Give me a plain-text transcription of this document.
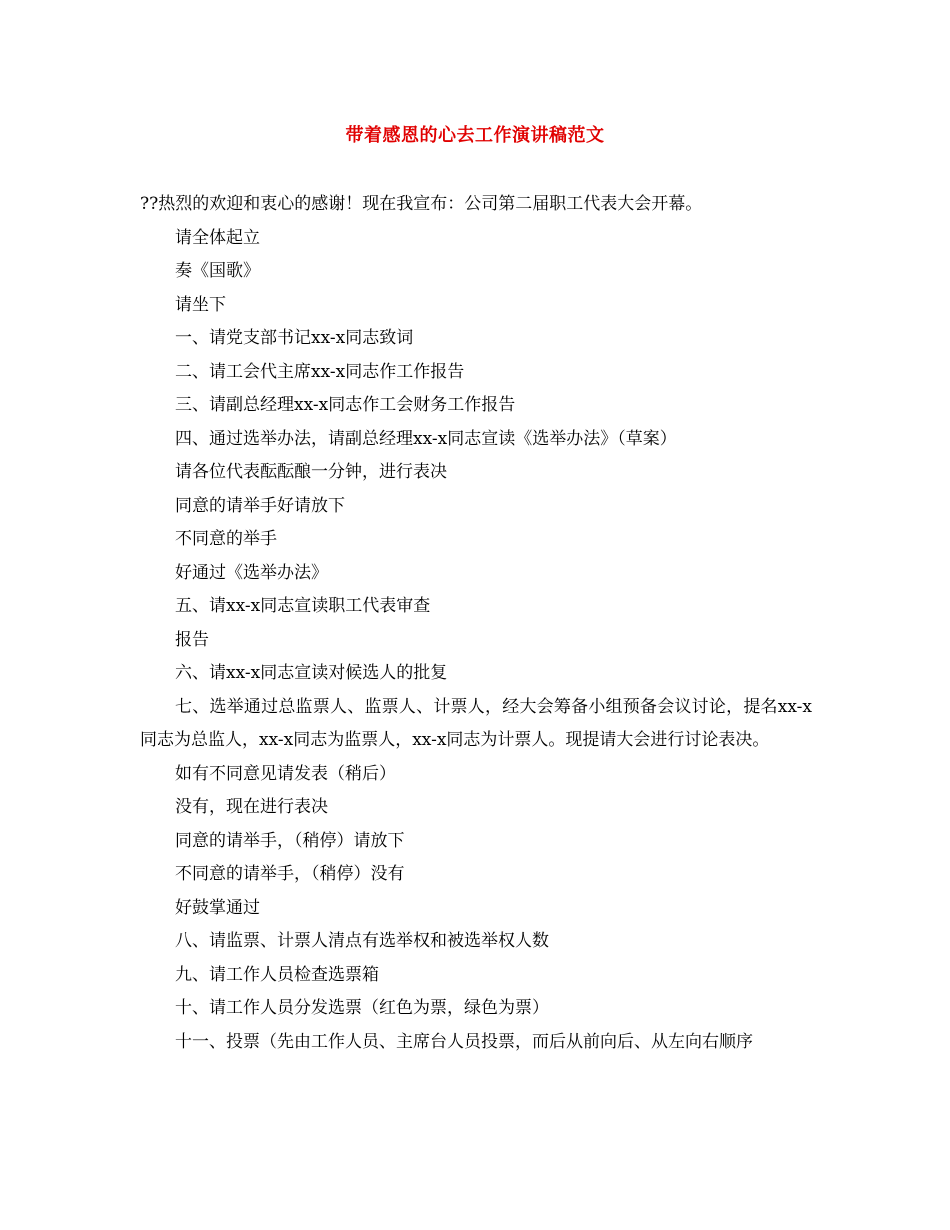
带着感恩的心去工作演讲稿范文
??热烈的欢迎和衷心的感谢！现在我宣布：公司第二届职工代表大会开幕。
请全体起立
奏《国歌》
请坐下
一、请党支部书记xx-x同志致词
二、请工会代主席xx-x同志作工作报告
三、请副总经理xx-x同志作工会财务工作报告
四、通过选举办法，请副总经理xx-x同志宣读《选举办法》（草案）
请各位代表酝酝酿一分钟，进行表决
同意的请举手好请放下
不同意的举手
好通过《选举办法》
五、请xx-x同志宣读职工代表审查
报告
六、请xx-x同志宣读对候选人的批复
七、选举通过总监票人、监票人、计票人，经大会筹备小组预备会议讨论，提名xx-x同志为总监人，xx-x同志为监票人，xx-x同志为计票人。现提请大会进行讨论表决。
如有不同意见请发表（稍后）
没有，现在进行表决
同意的请举手，（稍停）请放下
不同意的请举手，（稍停）没有
好鼓掌通过
八、请监票、计票人清点有选举权和被选举权人数
九、请工作人员检查选票箱
十、请工作人员分发选票（红色为票，绿色为票）
十一、投票（先由工作人员、主席台人员投票，而后从前向后、从左向右顺序
